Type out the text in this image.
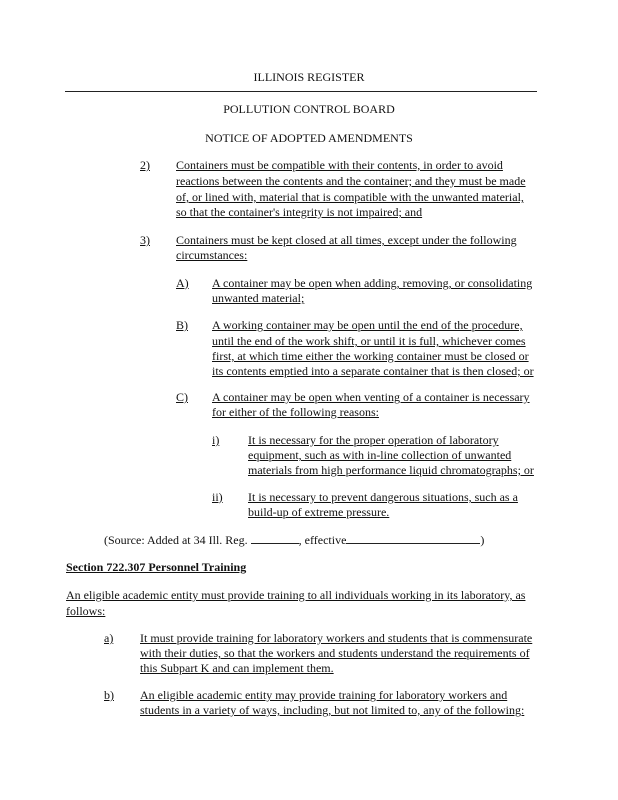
ILLINOIS REGISTER
POLLUTION CONTROL BOARD
NOTICE OF ADOPTED AMENDMENTS
2) Containers must be compatible with their contents, in order to avoid
reactions between the contents and the container; and they must be made
of, or lined with, material that is compatible with the unwanted material,
so that the container's integrity is not impaired; and
3) Containers must be kept closed at all times, except under the following
circumstances:
A) A container may be open when adding, removing, or consolidating
unwanted material;
B) A working container may be open until the end of the procedure,
until the end of the work shift, or until it is full, whichever comes
first, at which time either the working container must be closed or
its contents emptied into a separate container that is then closed; or
C) A container may be open when venting of a container is necessary
for either of the following reasons:
i) It is necessary for the proper operation of laboratory
equipment, such as with in-line collection of unwanted
materials from high performance liquid chromatographs; or
ii) It is necessary to prevent dangerous situations, such as a
build-up of extreme pressure.
(Source: Added at 34 Ill. Reg.	, effective	)
Section 722.307 Personnel Training
An eligible academic entity must provide training to all individuals working in its laboratory, as
follows:
a) It must provide training for laboratory workers and students that is commensurate
with their duties, so that the workers and students understand the requirements of
this Subpart K and can implement them.
b) An eligible academic entity may provide training for laboratory workers and
students in a variety of ways, including, but not limited to, any of the following:
